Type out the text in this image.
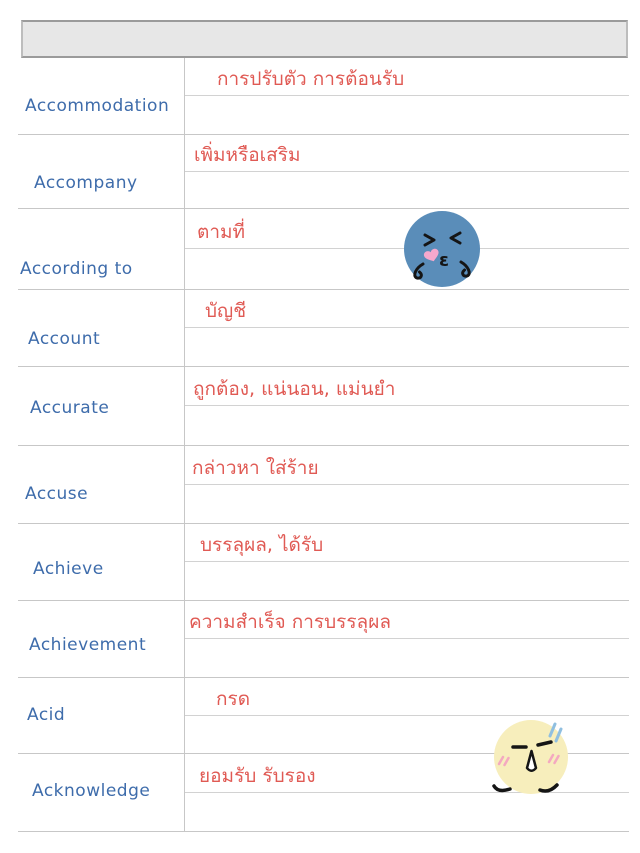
Accommodation
การปรับตัว การต้อนรับ
Accompany
เพิ่มหรือเสริม
According to
ตามที่
Account
บัญชี
Accurate
ถูกต้อง, แน่นอน, แม่นยำ
Accuse
กล่าวหา ใส่ร้าย
Achieve
บรรลุผล, ได้รับ
Achievement
ความสำเร็จ การบรรลุผล
Acid
กรด
Acknowledge
ยอมรับ รับรอง
ε
